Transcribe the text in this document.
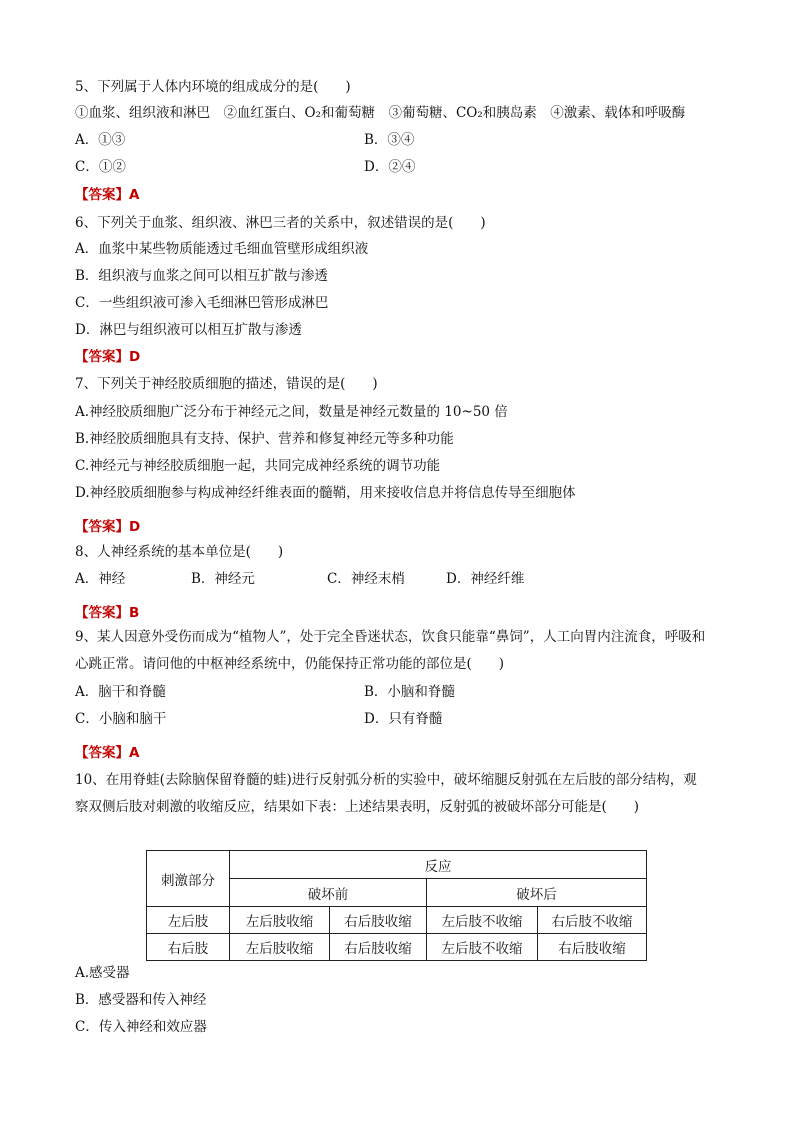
5、下列属于人体内环境的组成成分的是(　　)
①血浆、组织液和淋巴　②血红蛋白、O₂和葡萄糖　③葡萄糖、CO₂和胰岛素　④激素、载体和呼吸酶
A．①③	B．③④
C．①②	D．②④
【答案】A
6、下列关于血浆、组织液、淋巴三者的关系中，叙述错误的是(　　)
A．血浆中某些物质能透过毛细血管壁形成组织液
B．组织液与血浆之间可以相互扩散与渗透
C．一些组织液可渗入毛细淋巴管形成淋巴
D．淋巴与组织液可以相互扩散与渗透
【答案】D
7、下列关于神经胶质细胞的描述，错误的是(　　)
A.神经胶质细胞广泛分布于神经元之间，数量是神经元数量的 10~50 倍
B.神经胶质细胞具有支持、保护、营养和修复神经元等多种功能
C.神经元与神经胶质细胞一起，共同完成神经系统的调节功能
D.神经胶质细胞参与构成神经纤维表面的髓鞘，用来接收信息并将信息传导至细胞体
【答案】D
8、人神经系统的基本单位是(　　)
A．神经	B．神经元	C．神经末梢	D．神经纤维
【答案】B
9、某人因意外受伤而成为“植物人”，处于完全昏迷状态，饮食只能靠“鼻饲”，人工向胃内注流食，呼吸和
心跳正常。请问他的中枢神经系统中，仍能保持正常功能的部位是(　　)
A．脑干和脊髓	B．小脑和脊髓
C．小脑和脑干	D．只有脊髓
【答案】A
10、在用脊蛙(去除脑保留脊髓的蛙)进行反射弧分析的实验中，破坏缩腿反射弧在左后肢的部分结构，观
察双侧后肢对刺激的收缩反应，结果如下表：上述结果表明，反射弧的被破坏部分可能是(　　)
刺激部分	反应			
	破坏前		破坏后	
左后肢	左后肢收缩	右后肢收缩	左后肢不收缩	右后肢不收缩
右后肢	左后肢收缩	右后肢收缩	左后肢不收缩	右后肢收缩
A.感受器
B．感受器和传入神经
C．传入神经和效应器
